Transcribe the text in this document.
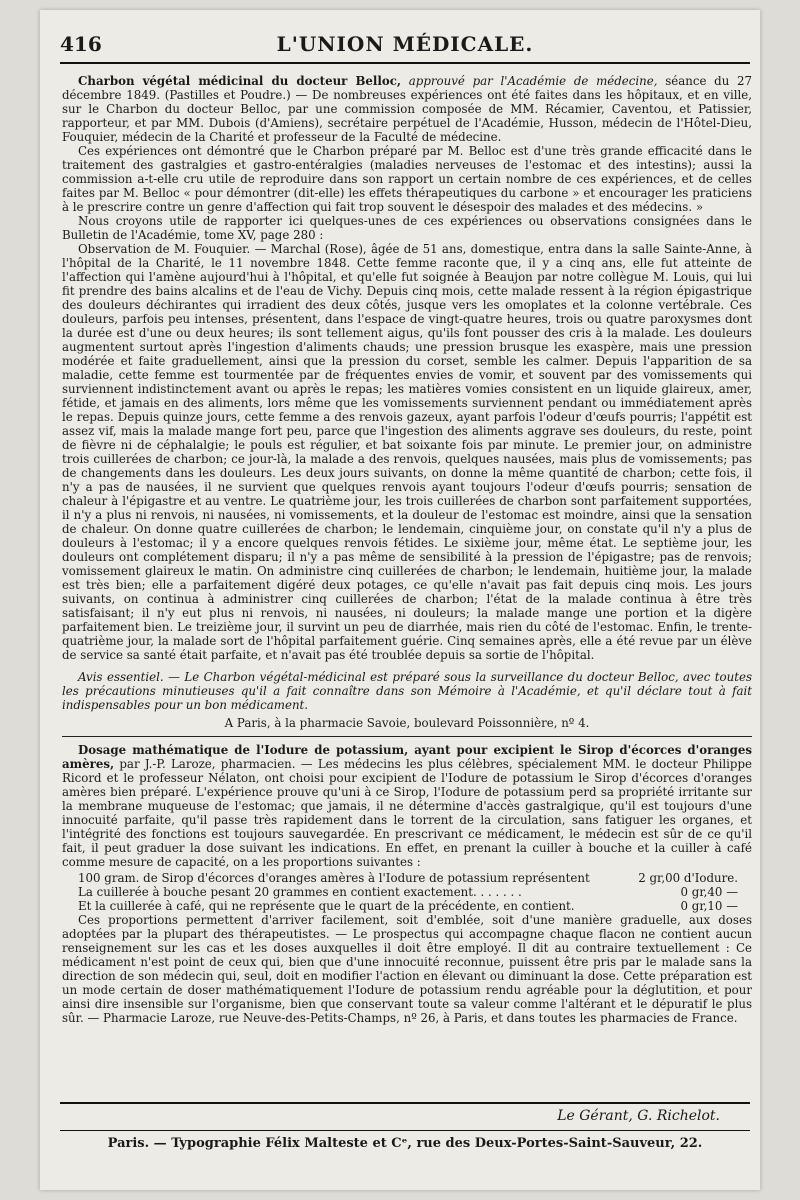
416	L'UNION MÉDICALE.

Charbon végétal médicinal du docteur Belloc, approuvé par l'Académie de médecine, séance du 27 décembre 1849. (Pastilles et Poudre.) — De nombreuses expériences ont été faites dans les hôpitaux, et en ville, sur le Charbon du docteur Belloc, par une commission composée de MM. Récamier, Caventou, et Patissier, rapporteur, et par MM. Dubois (d'Amiens), secrétaire perpétuel de l'Académie, Husson, médecin de l'Hôtel-Dieu, Fouquier, médecin de la Charité et professeur de la Faculté de médecine.

Ces expériences ont démontré que le Charbon préparé par M. Belloc est d'une très grande efficacité dans le traitement des gastralgies et gastro-entéralgies (maladies nerveuses de l'estomac et des intestins); aussi la commission a-t-elle cru utile de reproduire dans son rapport un certain nombre de ces expériences, et de celles faites par M. Belloc « pour démontrer (dit-elle) les effets thérapeutiques du carbone » et encourager les praticiens à le prescrire contre un genre d'affection qui fait trop souvent le désespoir des malades et des médecins. »

Nous croyons utile de rapporter ici quelques-unes de ces expériences ou observations consignées dans le Bulletin de l'Académie, tome XV, page 280 :

Observation de M. Fouquier. — Marchal (Rose), âgée de 51 ans, domestique, entra dans la salle Sainte-Anne, à l'hôpital de la Charité, le 11 novembre 1848. Cette femme raconte que, il y a cinq ans, elle fut atteinte de l'affection qui l'amène aujourd'hui à l'hôpital, et qu'elle fut soignée à Beaujon par notre collègue M. Louis, qui lui fit prendre des bains alcalins et de l'eau de Vichy. Depuis cinq mois, cette malade ressent à la région épigastrique des douleurs déchirantes qui irradient des deux côtés, jusque vers les omoplates et la colonne vertébrale. Ces douleurs, parfois peu intenses, présentent, dans l'espace de vingt-quatre heures, trois ou quatre paroxysmes dont la durée est d'une ou deux heures; ils sont tellement aigus, qu'ils font pousser des cris à la malade. Les douleurs augmentent surtout après l'ingestion d'aliments chauds; une pression brusque les exaspère, mais une pression modérée et faite graduellement, ainsi que la pression du corset, semble les calmer. Depuis l'apparition de sa maladie, cette femme est tourmentée par de fréquentes envies de vomir, et souvent par des vomissements qui surviennent indistinctement avant ou après le repas; les matières vomies consistent en un liquide glaireux, amer, fétide, et jamais en des aliments, lors même que les vomissements surviennent pendant ou immédiatement après le repas. Depuis quinze jours, cette femme a des renvois gazeux, ayant parfois l'odeur d'œufs pourris; l'appétit est assez vif, mais la malade mange fort peu, parce que l'ingestion des aliments aggrave ses douleurs, du reste, point de fièvre ni de céphalalgie; le pouls est régulier, et bat soixante fois par minute. Le premier jour, on administre trois cuillerées de charbon; ce jour-là, la malade a des renvois, quelques nausées, mais plus de vomissements; pas de changements dans les douleurs. Les deux jours suivants, on donne la même quantité de charbon; cette fois, il n'y a pas de nausées, il ne survient que quelques renvois ayant toujours l'odeur d'œufs pourris; sensation de chaleur à l'épigastre et au ventre. Le quatrième jour, les trois cuillerées de charbon sont parfaitement supportées, il n'y a plus ni renvois, ni nausées, ni vomissements, et la douleur de l'estomac est moindre, ainsi que la sensation de chaleur. On donne quatre cuillerées de charbon; le lendemain, cinquième jour, on constate qu'il n'y a plus de douleurs à l'estomac; il y a encore quelques renvois fétides. Le sixième jour, même état. Le septième jour, les douleurs ont complétement disparu; il n'y a pas même de sensibilité à la pression de l'épigastre; pas de renvois; vomissement glaireux le matin. On administre cinq cuillerées de charbon; le lendemain, huitième jour, la malade est très bien; elle a parfaitement digéré deux potages, ce qu'elle n'avait pas fait depuis cinq mois. Les jours suivants, on continua à administrer cinq cuillerées de charbon; l'état de la malade continua à être très satisfaisant; il n'y eut plus ni renvois, ni nausées, ni douleurs; la malade mange une portion et la digère parfaitement bien. Le treizième jour, il survint un peu de diarrhée, mais rien du côté de l'estomac. Enfin, le trente-quatrième jour, la malade sort de l'hôpital parfaitement guérie. Cinq semaines après, elle a été revue par un élève de service sa santé était parfaite, et n'avait pas été troublée depuis sa sortie de l'hôpital.

Avis essentiel. — Le Charbon végétal-médicinal est préparé sous la surveillance du docteur Belloc, avec toutes les précautions minutieuses qu'il a fait connaître dans son Mémoire à l'Académie, et qu'il déclare tout à fait indispensables pour un bon médicament.

A Paris, à la pharmacie Savoie, boulevard Poissonnière, nº 4.

Dosage mathématique de l'Iodure de potassium, ayant pour excipient le Sirop d'écorces d'oranges amères, par J.-P. Laroze, pharmacien. — Les médecins les plus célèbres, spécialement MM. le docteur Philippe Ricord et le professeur Nélaton, ont choisi pour excipient de l'Iodure de potassium le Sirop d'écorces d'oranges amères bien préparé. L'expérience prouve qu'uni à ce Sirop, l'Iodure de potassium perd sa propriété irritante sur la membrane muqueuse de l'estomac; que jamais, il ne détermine d'accès gastralgique, qu'il est toujours d'une innocuité parfaite, qu'il passe très rapidement dans le torrent de la circulation, sans fatiguer les organes, et l'intégrité des fonctions est toujours sauvegardée. En prescrivant ce médicament, le médecin est sûr de ce qu'il fait, il peut graduer la dose suivant les indications. En effet, en prenant la cuiller à bouche et la cuiller à café comme mesure de capacité, on a les proportions suivantes :

100 gram. de Sirop d'écorces d'oranges amères à l'Iodure de potassium représentent	2 gr,00 d'Iodure.
La cuillerée à bouche pesant 20 grammes en contient exactement. . . . . . .	0 gr,40 —
Et la cuillerée à café, qui ne représente que le quart de la précédente, en contient.	0 gr,10 —

Ces proportions permettent d'arriver facilement, soit d'emblée, soit d'une manière graduelle, aux doses adoptées par la plupart des thérapeutistes. — Le prospectus qui accompagne chaque flacon ne contient aucun renseignement sur les cas et les doses auxquelles il doit être employé. Il dit au contraire textuellement : Ce médicament n'est point de ceux qui, bien que d'une innocuité reconnue, puissent être pris par le malade sans la direction de son médecin qui, seul, doit en modifier l'action en élevant ou diminuant la dose. Cette préparation est un mode certain de doser mathématiquement l'Iodure de potassium rendu agréable pour la déglutition, et pour ainsi dire insensible sur l'organisme, bien que conservant toute sa valeur comme l'altérant et le dépuratif le plus sûr. — Pharmacie Laroze, rue Neuve-des-Petits-Champs, nº 26, à Paris, et dans toutes les pharmacies de France.

Le Gérant, G. Richelot.
Paris. — Typographie Félix Malteste et Cᵉ, rue des Deux-Portes-Saint-Sauveur, 22.
